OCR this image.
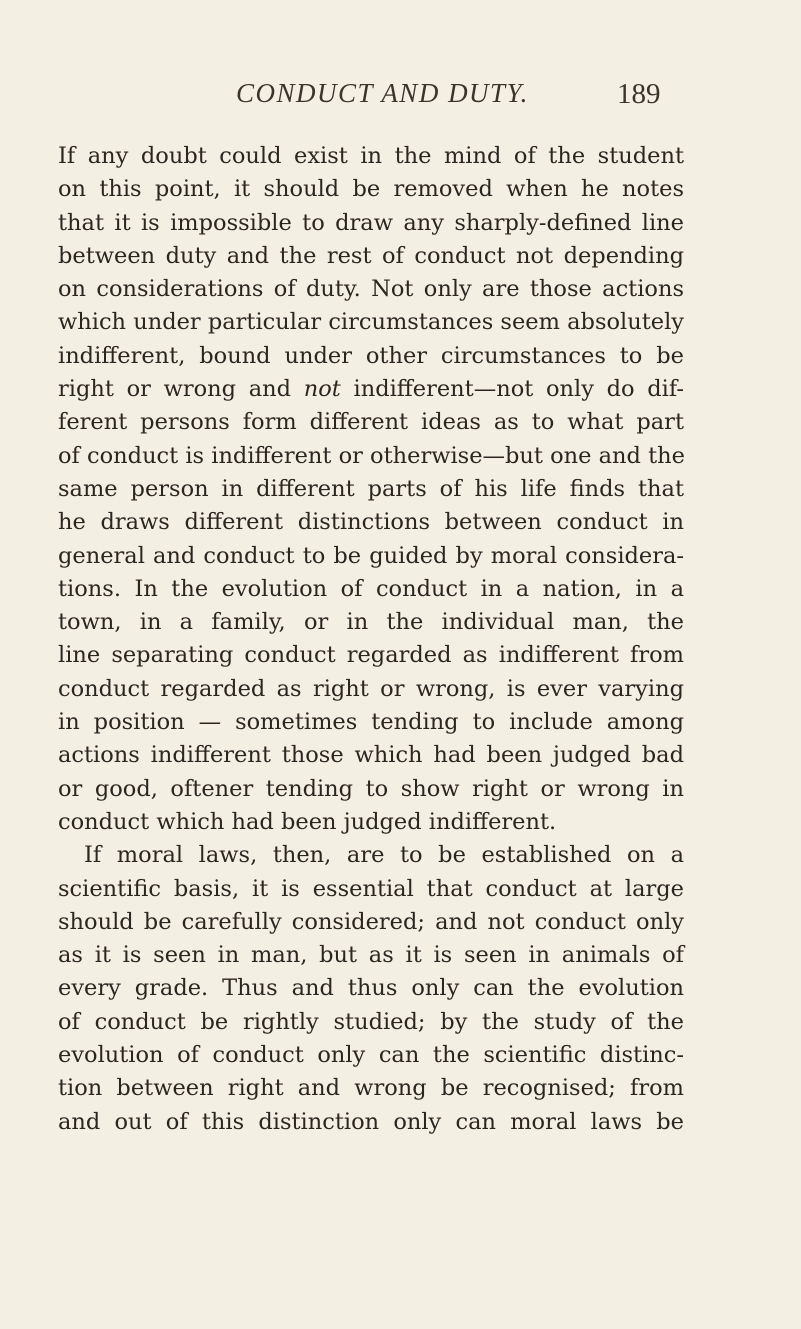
CONDUCT AND DUTY.	189
If any doubt could exist in the mind of the student
on this point, it should be removed when he notes
that it is impossible to draw any sharply-defined line
between duty and the rest of conduct not depending
on considerations of duty. Not only are those actions
which under particular circumstances seem absolutely
indifferent, bound under other circumstances to be
right or wrong and not indifferent—not only do dif-
ferent persons form different ideas as to what part
of conduct is indifferent or otherwise—but one and the
same person in different parts of his life finds that
he draws different distinctions between conduct in
general and conduct to be guided by moral considera-
tions. In the evolution of conduct in a nation, in a
town, in a family, or in the individual man, the
line separating conduct regarded as indifferent from
conduct regarded as right or wrong, is ever varying
in position — sometimes tending to include among
actions indifferent those which had been judged bad
or good, oftener tending to show right or wrong in
conduct which had been judged indifferent.
If moral laws, then, are to be established on a
scientific basis, it is essential that conduct at large
should be carefully considered; and not conduct only
as it is seen in man, but as it is seen in animals of
every grade. Thus and thus only can the evolution
of conduct be rightly studied; by the study of the
evolution of conduct only can the scientific distinc-
tion between right and wrong be recognised; from
and out of this distinction only can moral laws be
